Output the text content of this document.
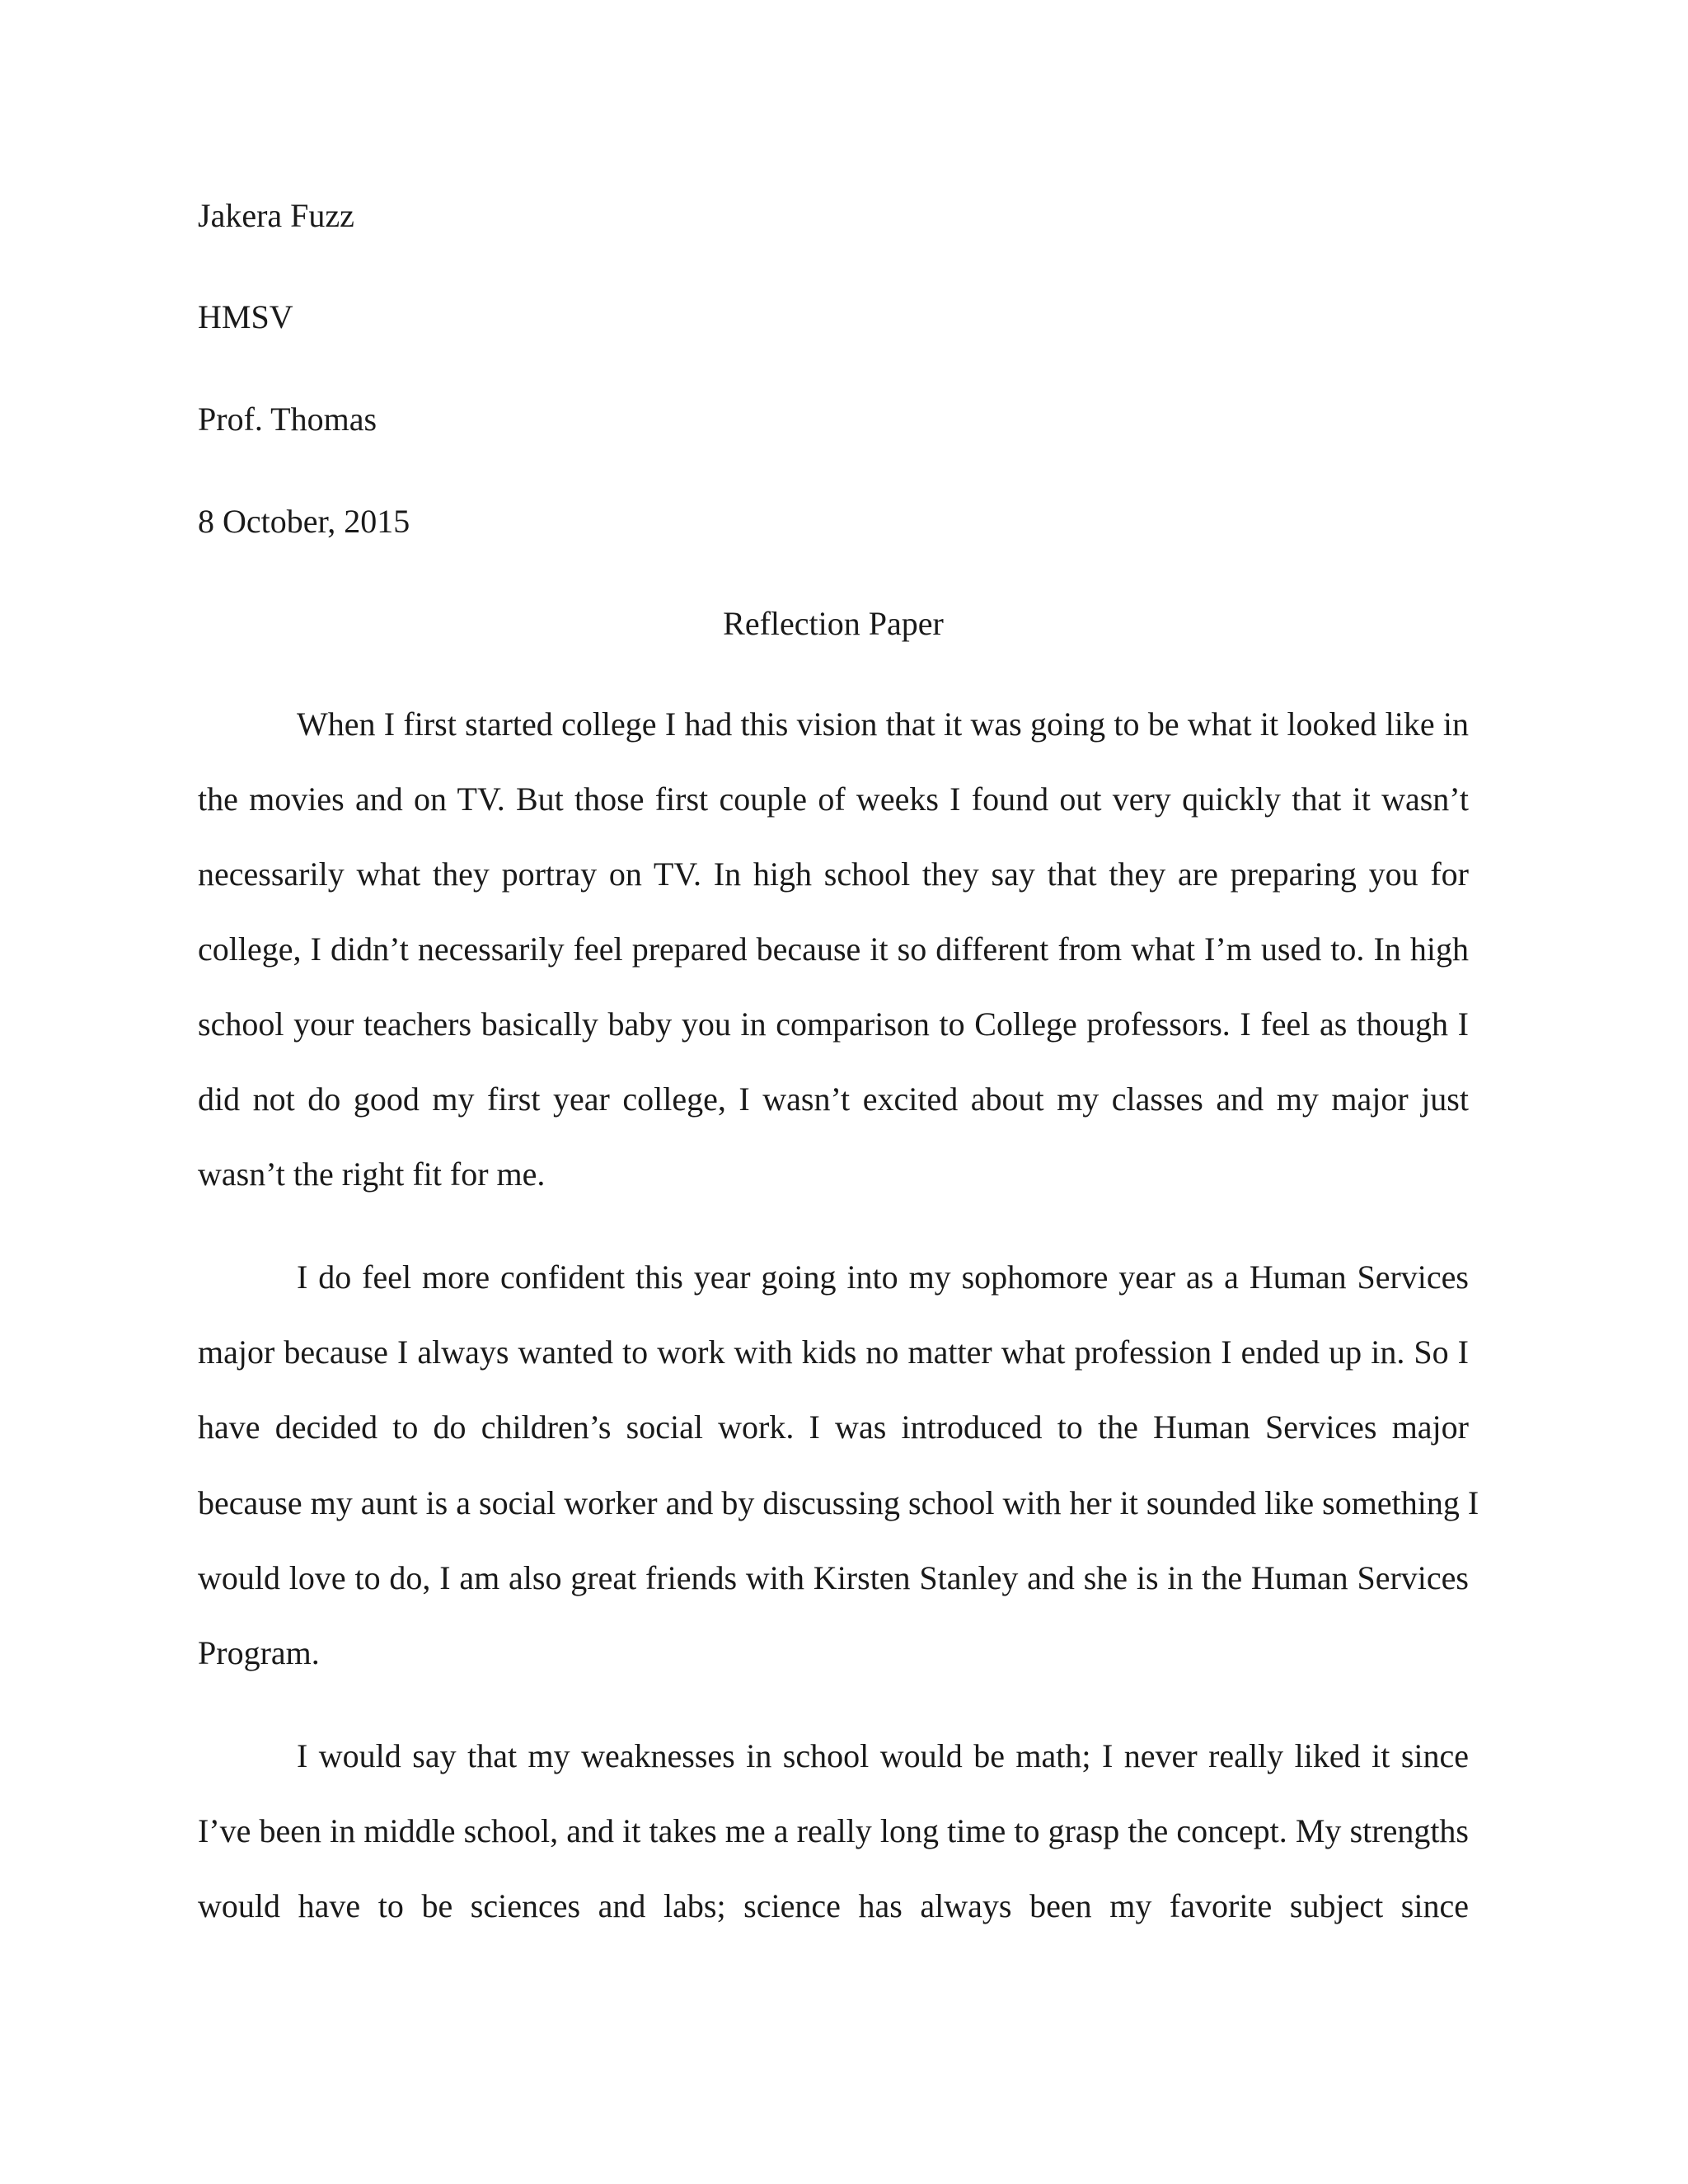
Jakera Fuzz
HMSV
Prof. Thomas
8 October, 2015
Reflection Paper
When I first started college I had this vision that it was going to be what it looked like in
the movies and on TV. But those first couple of weeks I found out very quickly that it wasn’t
necessarily what they portray on TV. In high school they say that they are preparing you for
college, I didn’t necessarily feel prepared because it so different from what I’m used to. In high
school your teachers basically baby you in comparison to College professors. I feel as though I
did not do good my first year college, I wasn’t excited about my classes and my major just
wasn’t the right fit for me.
I do feel more confident this year going into my sophomore year as a Human Services
major because I always wanted to work with kids no matter what profession I ended up in. So I
have decided to do children’s social work. I was introduced to the Human Services major
because my aunt is a social worker and by discussing school with her it sounded like something I
would love to do, I am also great friends with Kirsten Stanley and she is in the Human Services
Program.
I would say that my weaknesses in school would be math; I never really liked it since
I’ve been in middle school, and it takes me a really long time to grasp the concept. My strengths
would have to be sciences and labs; science has always been my favorite subject since
